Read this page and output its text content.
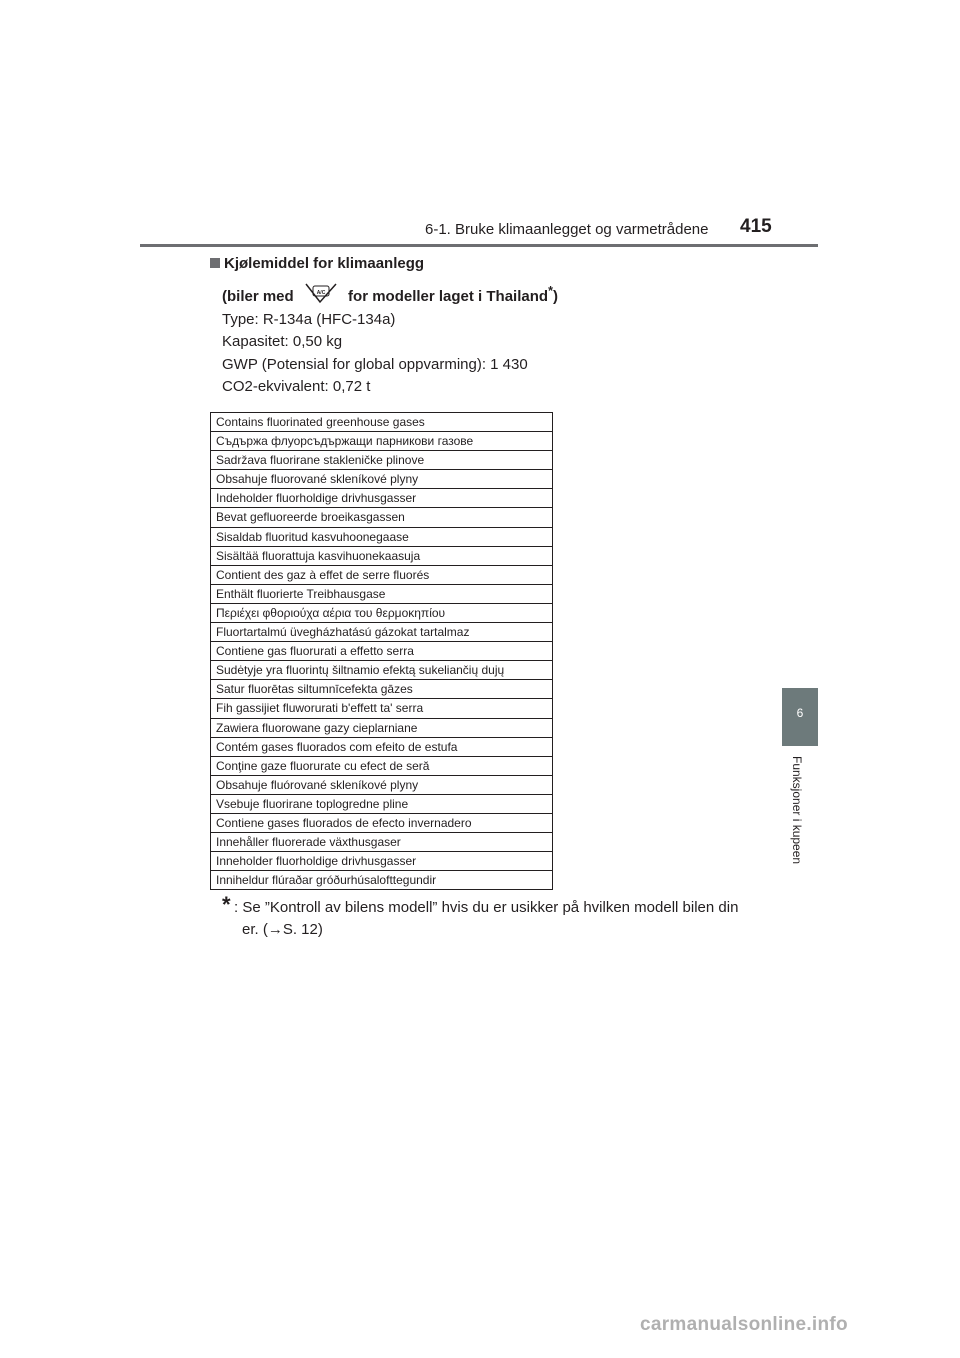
6-1. Bruke klimaanlegget og varmetrådene 415
6
Funksjoner i kupeen
Kjølemiddel for klimaanlegg
(biler med	A/C for modeller laget i Thailand*)
Type: R-134a (HFC-134a)
Kapasitet: 0,50 kg
GWP (Potensial for global oppvarming): 1 430
CO2-ekvivalent: 0,72 t
Contains fluorinated greenhouse gases
Съдържа флуорсъдържащи парникови газове
Sadržava fluorirane stakleničke plinove
Obsahuje fluorované skleníkové plyny
Indeholder fluorholdige drivhusgasser
Bevat gefluoreerde broeikasgassen
Sisaldab fluoritud kasvuhoonegaase
Sisältää fluorattuja kasvihuonekaasuja
Contient des gaz à effet de serre fluorés
Enthält fluorierte Treibhausgase
Περιέχει φθοριούχα αέρια του θερμοκηπίου
Fluortartalmú üvegházhatású gázokat tartalmaz
Contiene gas fluorurati a effetto serra
Sudėtyje yra fluorintų šiltnamio efektą sukeliančių dujų
Satur fluorētas siltumnīcefekta gāzes
Fih gassijiet fluworurati b'effett ta' serra
Zawiera fluorowane gazy cieplarniane
Contém gases fluorados com efeito de estufa
Conţine gaze fluorurate cu efect de seră
Obsahuje fluórované skleníkové plyny
Vsebuje fluorirane toplogredne pline
Contiene gases fluorados de efecto invernadero
Innehåller fluorerade växthusgaser
Inneholder fluorholdige drivhusgasser
Inniheldur flúraðar gróðurhúsalofttegundir
* : Se ”Kontroll av bilens modell” hvis du er usikker på hvilken modell bilen din
er. (→S. 12)
carmanualsonline.info
